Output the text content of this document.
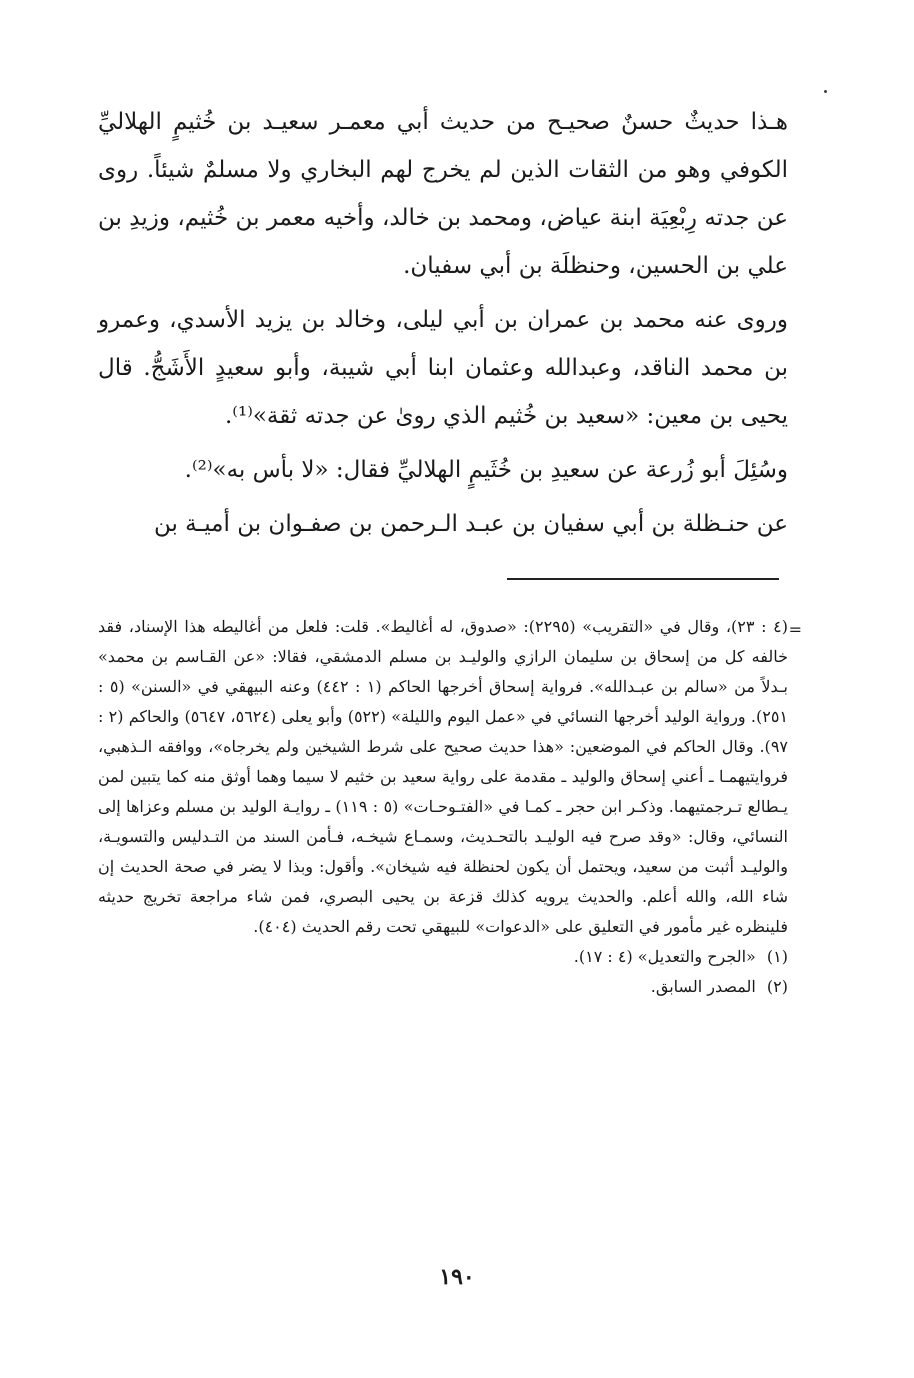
هـذا حديثٌ حسنٌ صحيـح من حديث أبي معمـر سعيـد بن خُثيمٍ الهلاليِّ الكوفي وهو من الثقات الذين لم يخرج لهم البخاري ولا مسلمٌ شيئاً. روى عن جدته رِبْعِيَة ابنة عياض، ومحمد بن خالد، وأخيه معمر بن خُثيم، وزيدِ بن علي بن الحسين، وحنظلَة بن أبي سفيان.

وروى عنه محمد بن عمران بن أبي ليلى، وخالد بن يزيد الأسدي، وعمرو بن محمد الناقد، وعبدالله وعثمان ابنا أبي شيبة، وأبو سعيدٍ الأَشَجُّ. قال يحيى بن معين: «سعيد بن خُثيم الذي روىٰ عن جدته ثقة»⁽¹⁾.

وسُئِلَ أبو زُرعة عن سعيدِ بن خُثَيمٍ الهلاليِّ فقال: «لا بأس به»⁽²⁾.

عن حنـظلة بن أبي سفيان بن عبـد الـرحمن بن صفـوان بن أميـة بن

=
(٤ : ٢٣)، وقال في «التقريب» (٢٢٩٥): «صدوق، له أغاليط». قلت: فلعل من أغاليطه هذا الإسناد، فقد خالفه كل من إسحاق بن سليمان الرازي والوليـد بن مسلم الدمشقي، فقالا: «عن القـاسم بن محمد» بـدلاً من «سالم بن عبـدالله». فرواية إسحاق أخرجها الحاكم (١ : ٤٤٢) وعنه البيهقي في «السنن» (٥ : ٢٥١). ورواية الوليد أخرجها النسائي في «عمل اليوم والليلة» (٥٢٢) وأبو يعلى (٥٦٢٤، ٥٦٤٧) والحاكم (٢ : ٩٧). وقال الحاكم في الموضعين: «هذا حديث صحيح على شرط الشيخين ولم يخرجاه»، ووافقه الـذهبي، فروايتيهمـا ـ أعني إسحاق والوليد ـ مقدمة على رواية سعيد بن خثيم لا سيما وهما أوثق منه كما يتبين لمن يـطالع تـرجمتيهما. وذكـر ابن حجر ـ كمـا في «الفتـوحـات» (٥ : ١١٩) ـ روايـة الوليد بن مسلم وعزاها إلى النسائي، وقال: «وقد صرح فيه الوليـد بالتحـديث، وسمـاع شيخـه، فـأمن السند من التـدليس والتسويـة، والوليـد أثبت من سعيد، ويحتمل أن يكون لحنظلة فيه شيخان». وأقول: وبذا لا يضر في صحة الحديث إن شاء الله، والله أعلم. والحديث يرويه كذلك قزعة بن يحيى البصري، فمن شاء مراجعة تخريج حديثه فلينظره غير مأمور في التعليق على «الدعوات» للبيهقي تحت رقم الحديث (٤٠٤).
(١) «الجرح والتعديل» (٤ : ١٧).
(٢) المصدر السابق.
١٩٠
